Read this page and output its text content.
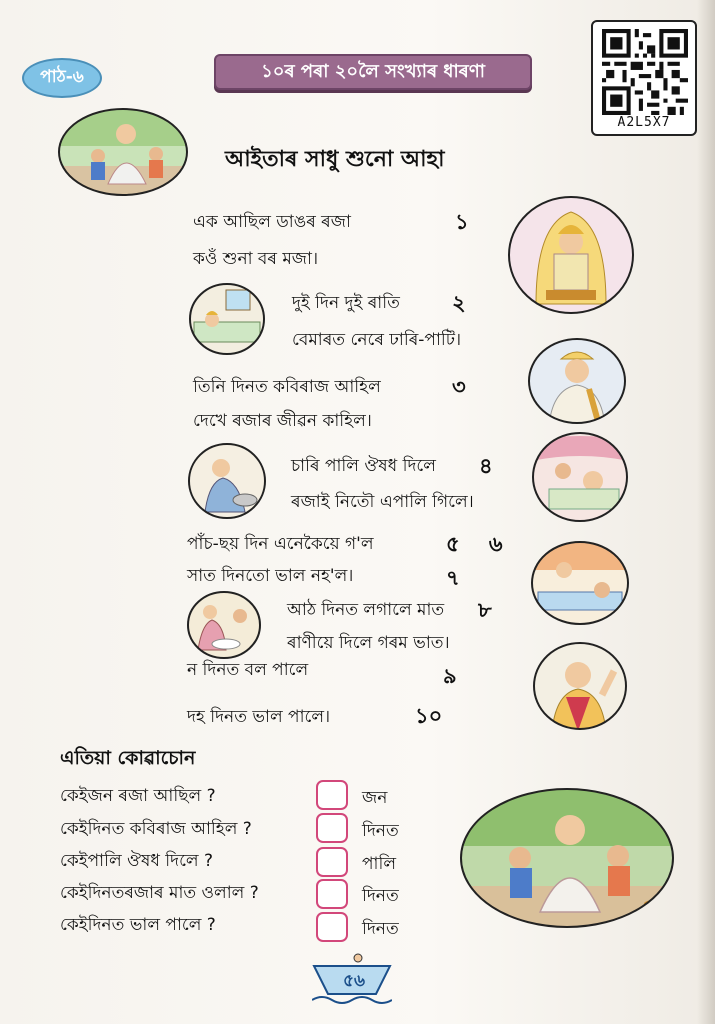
পাঠ-৬	১০ৰ পৰা ২০লৈ সংখ্যাৰ ধাৰণা
A2L5X7
আইতাৰ সাধু শুনো আহা
এক আছিল ডাঙৰ ৰজা	১
কওঁ শুনা বৰ মজা।
দুই দিন দুই ৰাতি ২
বেমাৰত নেৰে ঢাৰি-পাটি।
তিনি দিনত কবিৰাজ আহিল	৩
দেখে ৰজাৰ জীৱন কাহিল।
চাৰি পালি ঔষধ দিলে ৪
ৰজাই নিতৌ এপালি গিলে।
পাঁচ-ছয় দিন এনেকৈয়ে গ'ল	৫    ৬
সাত দিনতো ভাল নহ'ল।	৭
আঠ দিনত লগালে মাত ৮
ৰাণীয়ে দিলে গৰম ভাত।
ন দিনত বল পালে	৯
দহ দিনত ভাল পালে।	১০
এতিয়া কোৱাচোন
কেইজন ৰজা আছিল ?	জন
কেইদিনত কবিৰাজ আহিল ?	দিনত
কেইপালি ঔষধ দিলে ?	পালি
কেইদিনতৰজাৰ মাত ওলাল ?	দিনত
কেইদিনত ভাল পালে ?	দিনত
৫৬
